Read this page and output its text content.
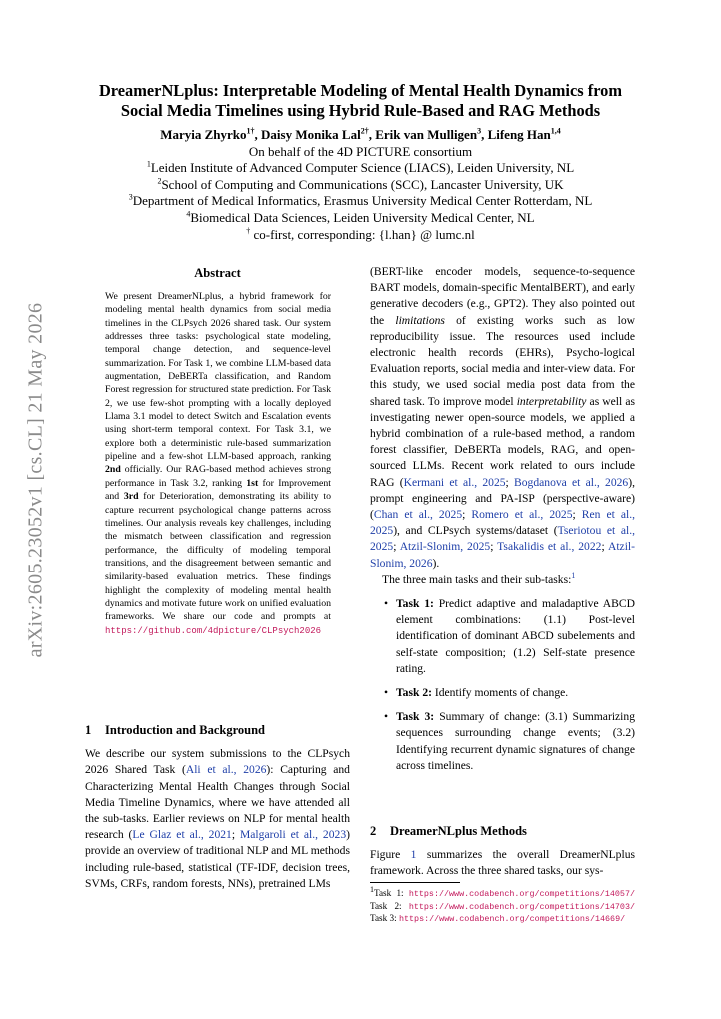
arXiv:2605.23052v1 [cs.CL] 21 May 2026
DreamerNLplus: Interpretable Modeling of Mental Health Dynamics from
Social Media Timelines using Hybrid Rule-Based and RAG Methods
Maryia Zhyrko$^{1\dagger}$, Daisy Monika Lal$^{2\dagger}$, Erik van Mulligen$^3$, Lifeng Han$^{1,4}$
On behalf of the 4D PICTURE consortium
$^1$Leiden Institute of Advanced Computer Science (LIACS), Leiden University, NL
$^2$School of Computing and Communications (SCC), Lancaster University, UK
$^3$Department of Medical Informatics, Erasmus University Medical Center Rotterdam, NL
$^4$Biomedical Data Sciences, Leiden University Medical Center, NL
† co-first, corresponding: {l.han} @ lumc.nl
Abstract
We present DreamerNLplus, a hybrid framework for modeling mental health dynamics from social media timelines in the CLPsych 2026 shared task. Our system addresses three tasks: psychological state modeling, temporal change detection, and sequence-level summarization. For Task 1, we combine LLM-based data augmentation, DeBERTa classification, and Random Forest regression for structured state prediction. For Task 2, we use few-shot prompting with a locally deployed Llama 3.1 model to detect Switch and Escalation events using short-term temporal context. For Task 3.1, we explore both a deterministic rule-based summarization pipeline and a few-shot LLM-based approach, ranking 2nd officially. Our RAG-based method achieves strong performance in Task 3.2, ranking 1st for Improvement and 3rd for Deterioration, demonstrating its ability to capture recurrent psychological change patterns across timelines. Our analysis reveals key challenges, including the mismatch between classification and regression performance, the difficulty of modeling temporal transitions, and the disagreement between semantic and similarity-based evaluation metrics. These findings highlight the complexity of modeling mental health dynamics and motivate future work on unified evaluation frameworks. We share our code and prompts at https://github.com/4dpicture/CLPsych2026
1 Introduction and Background

We describe our system submissions to the CLPsych 2026 Shared Task (Ali et al., 2026): Capturing and Characterizing Mental Health Changes through Social Media Timeline Dynamics, where we have attended all the sub-tasks. Earlier reviews on NLP for mental health research (Le Glaz et al., 2021; Malgaroli et al., 2023) provide an overview of traditional NLP and ML methods including rule-based, statistical (TF-IDF, decision trees, SVMs, CRFs, random forests, NNs), pretrained LMs

(BERT-like encoder models, sequence-to-sequence BART models, domain-specific MentalBERT), and early generative decoders (e.g., GPT2). They also pointed out the limitations of existing works such as low reproducibility issue. The resources used include electronic health records (EHRs), Psycho-logical Evaluation reports, social media and inter-view data. For this study, we used social media post data from the shared task. To improve model interpretability as well as investigating newer open-source models, we applied a hybrid combination of a rule-based method, a random forest classifier, DeBERTa models, RAG, and open-sourced LLMs. Recent work related to ours include RAG (Kermani et al., 2025; Bogdanova et al., 2026), prompt engineering and PA-ISP (perspective-aware) (Chan et al., 2025; Romero et al., 2025; Ren et al., 2025), and CLPsych systems/dataset (Tseriotou et al., 2025; Atzil-Slonim, 2025; Tsakalidis et al., 2022; Atzil-Slonim, 2026).

The three main tasks and their sub-tasks:$^1$

• Task 1: Predict adaptive and maladaptive ABCD element combinations: (1.1) Post-level identification of dominant ABCD subelements and self-state composition; (1.2) Self-state presence rating.
• Task 2: Identify moments of change.
• Task 3: Summary of change: (3.1) Summarizing sequences surrounding change events; (3.2) Identifying recurrent dynamic signatures of change across timelines.
2 DreamerNLplus Methods

Figure 1 summarizes the overall DreamerNLplus framework. Across the three shared tasks, our sys-

$^1$Task 1: https://www.codabench.org/competitions/14057/ Task 2: https://www.codabench.org/competitions/14703/ Task 3: https://www.codabench.org/competitions/14669/
